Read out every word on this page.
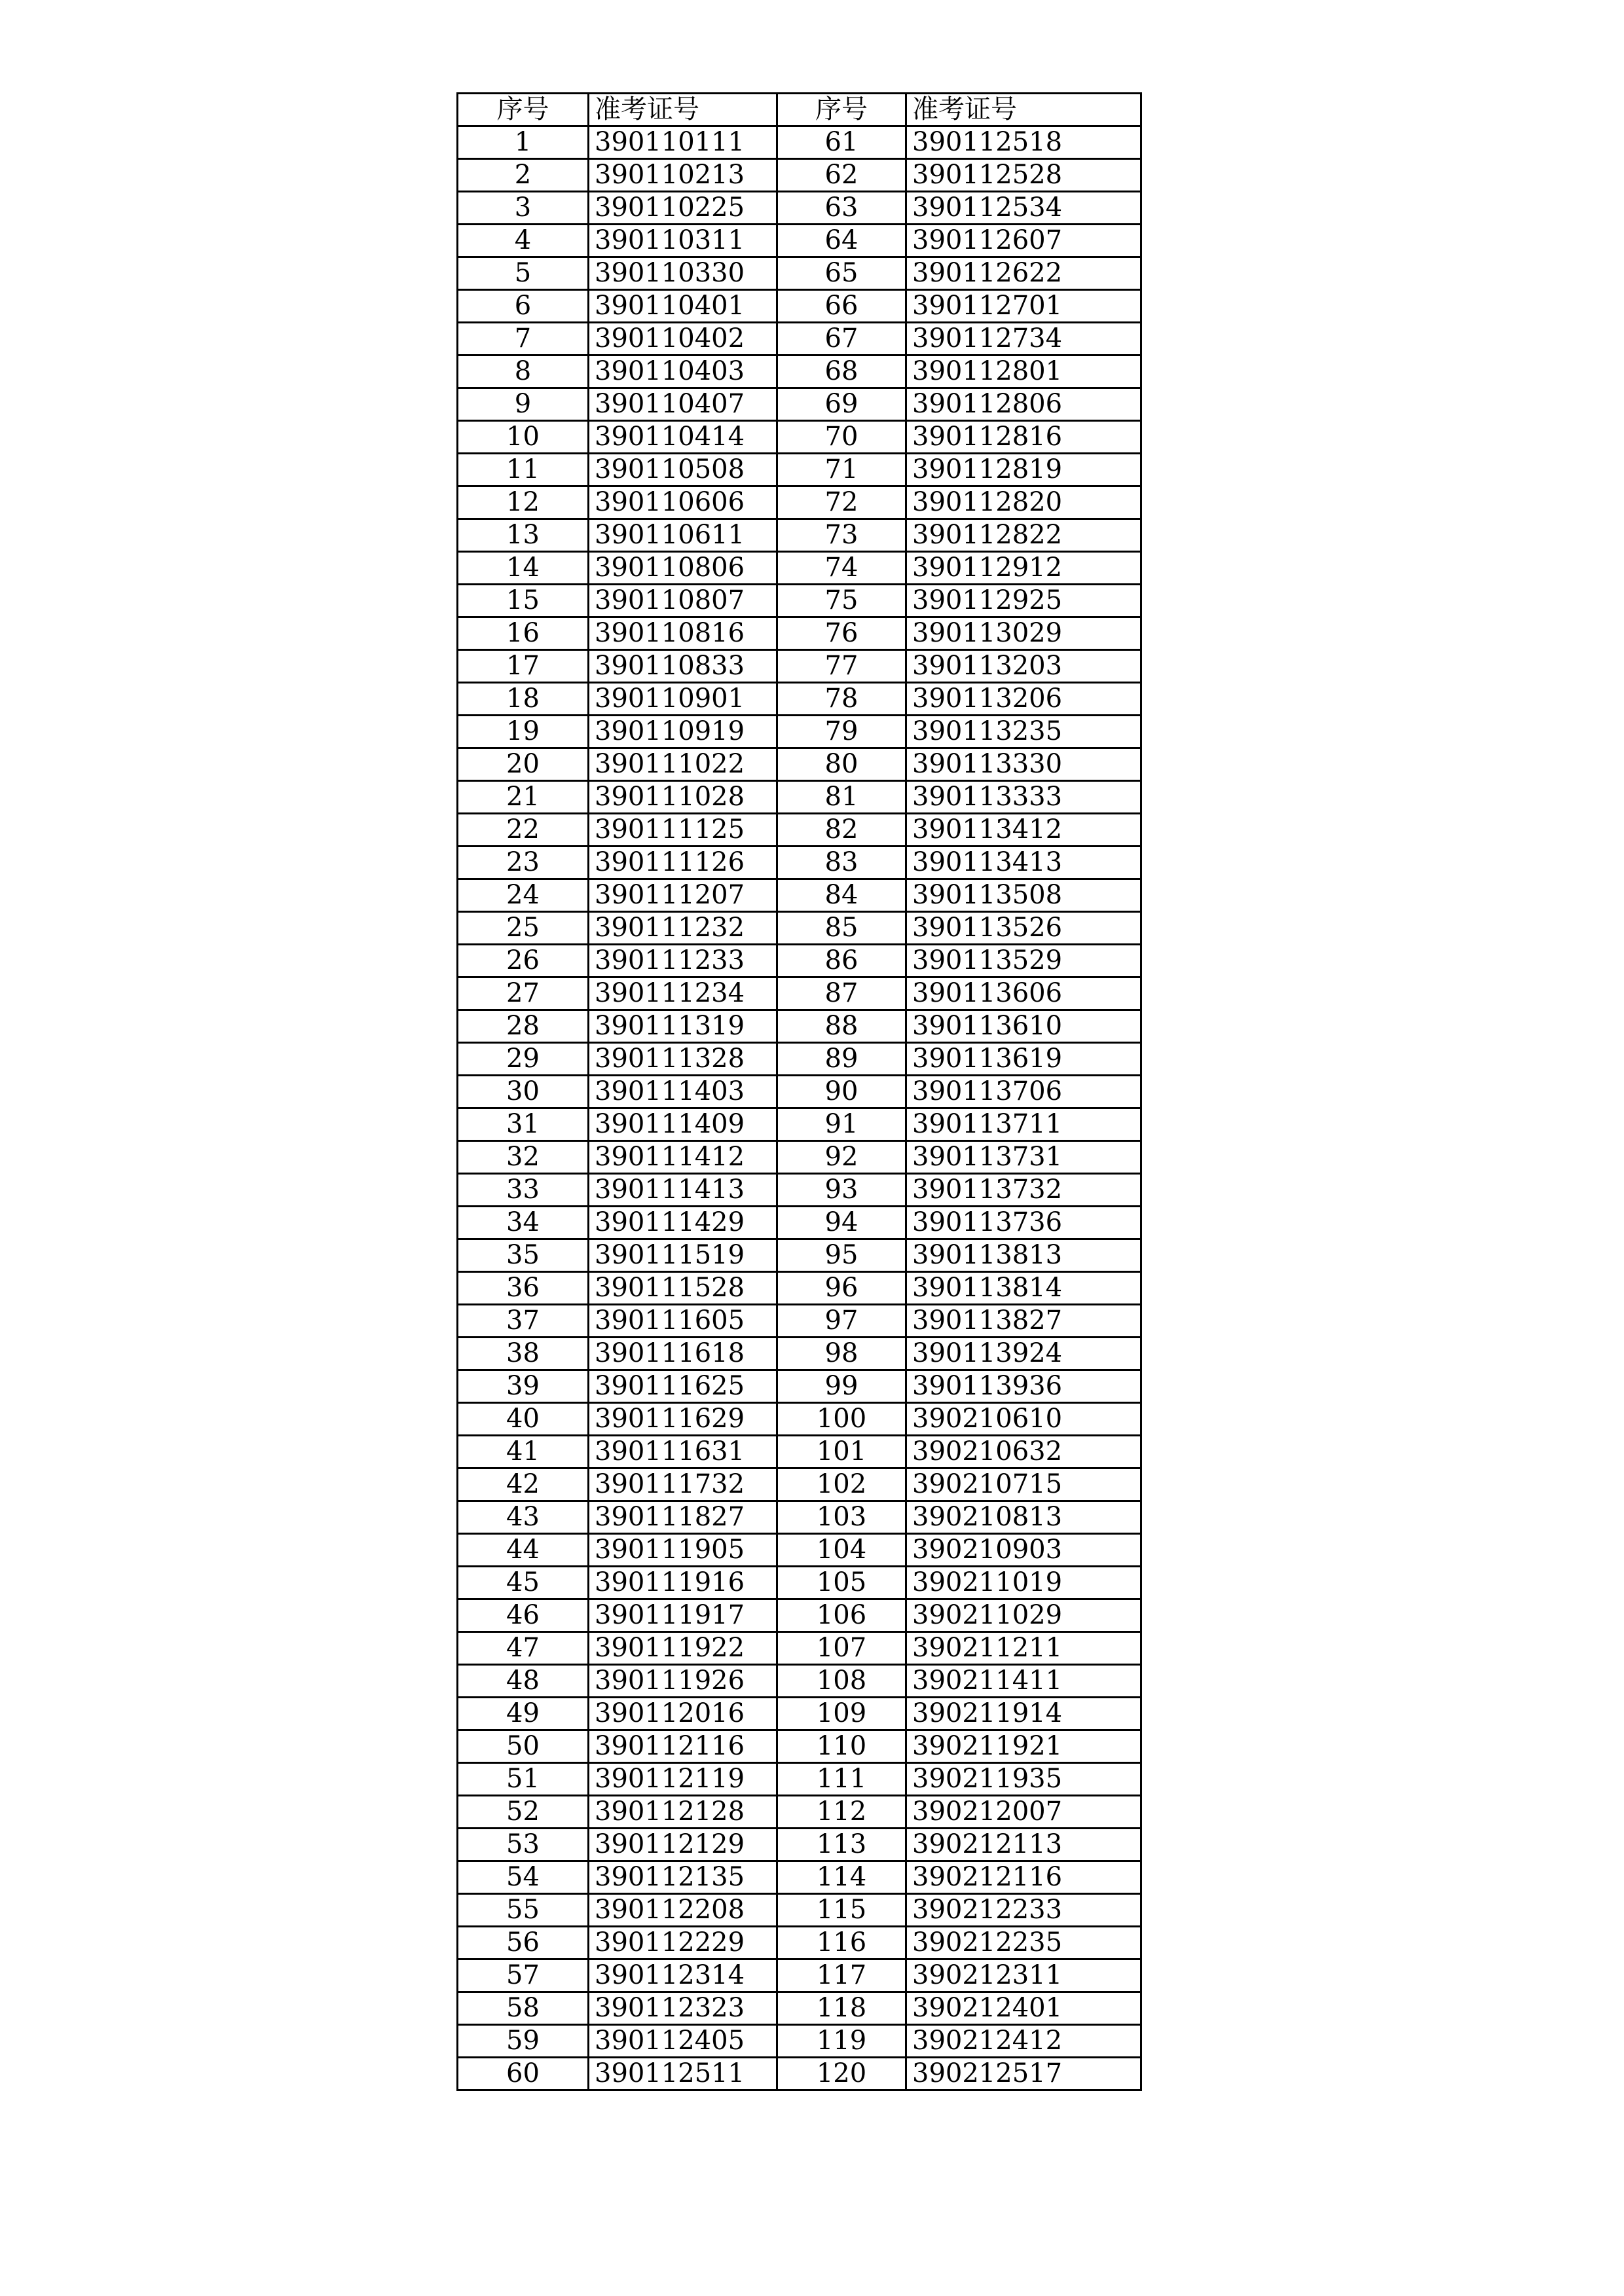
序号	准考证号	序号	准考证号
1	390110111	61	390112518
2	390110213	62	390112528
3	390110225	63	390112534
4	390110311	64	390112607
5	390110330	65	390112622
6	390110401	66	390112701
7	390110402	67	390112734
8	390110403	68	390112801
9	390110407	69	390112806
10	390110414	70	390112816
11	390110508	71	390112819
12	390110606	72	390112820
13	390110611	73	390112822
14	390110806	74	390112912
15	390110807	75	390112925
16	390110816	76	390113029
17	390110833	77	390113203
18	390110901	78	390113206
19	390110919	79	390113235
20	390111022	80	390113330
21	390111028	81	390113333
22	390111125	82	390113412
23	390111126	83	390113413
24	390111207	84	390113508
25	390111232	85	390113526
26	390111233	86	390113529
27	390111234	87	390113606
28	390111319	88	390113610
29	390111328	89	390113619
30	390111403	90	390113706
31	390111409	91	390113711
32	390111412	92	390113731
33	390111413	93	390113732
34	390111429	94	390113736
35	390111519	95	390113813
36	390111528	96	390113814
37	390111605	97	390113827
38	390111618	98	390113924
39	390111625	99	390113936
40	390111629	100	390210610
41	390111631	101	390210632
42	390111732	102	390210715
43	390111827	103	390210813
44	390111905	104	390210903
45	390111916	105	390211019
46	390111917	106	390211029
47	390111922	107	390211211
48	390111926	108	390211411
49	390112016	109	390211914
50	390112116	110	390211921
51	390112119	111	390211935
52	390112128	112	390212007
53	390112129	113	390212113
54	390112135	114	390212116
55	390112208	115	390212233
56	390112229	116	390212235
57	390112314	117	390212311
58	390112323	118	390212401
59	390112405	119	390212412
60	390112511	120	390212517
